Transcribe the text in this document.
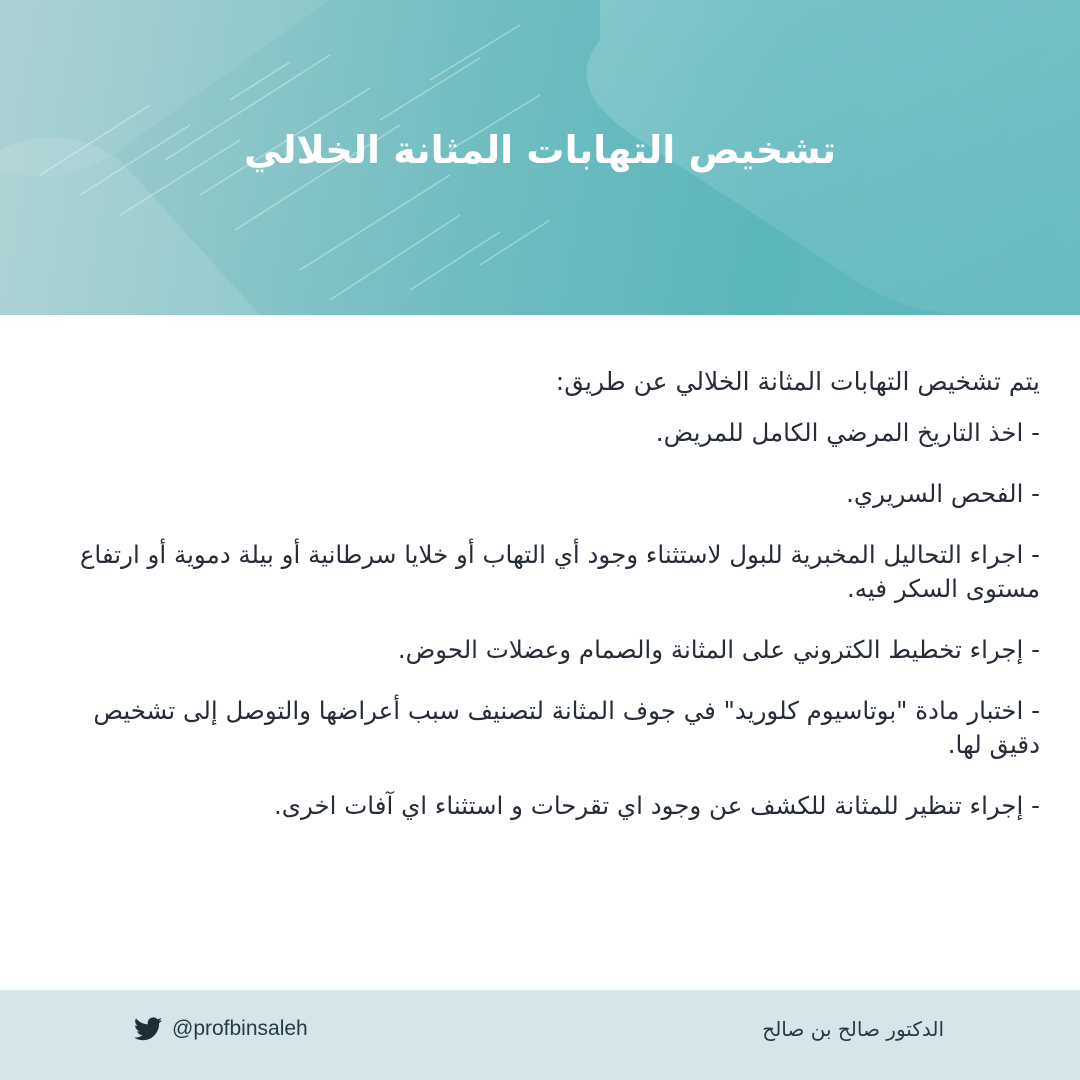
تشخيص التهابات المثانة الخلالي

يتم تشخيص التهابات المثانة الخلالي عن طريق:

- اخذ التاريخ المرضي الكامل للمريض.

- الفحص السريري.

- اجراء التحاليل المخبرية للبول لاستثناء وجود أي التهاب أو خلايا سرطانية أو بيلة دموية أو ارتفاع مستوى السكر فيه.

- إجراء تخطيط الكتروني على المثانة والصمام وعضلات الحوض.

- اختبار مادة "بوتاسيوم كلوريد" في جوف المثانة لتصنيف سبب أعراضها والتوصل إلى تشخيص دقيق لها.

- إجراء تنظير للمثانة للكشف عن وجود اي تقرحات و استثناء اي آفات اخرى.

@profbinsaleh	الدكتور صالح بن صالح
